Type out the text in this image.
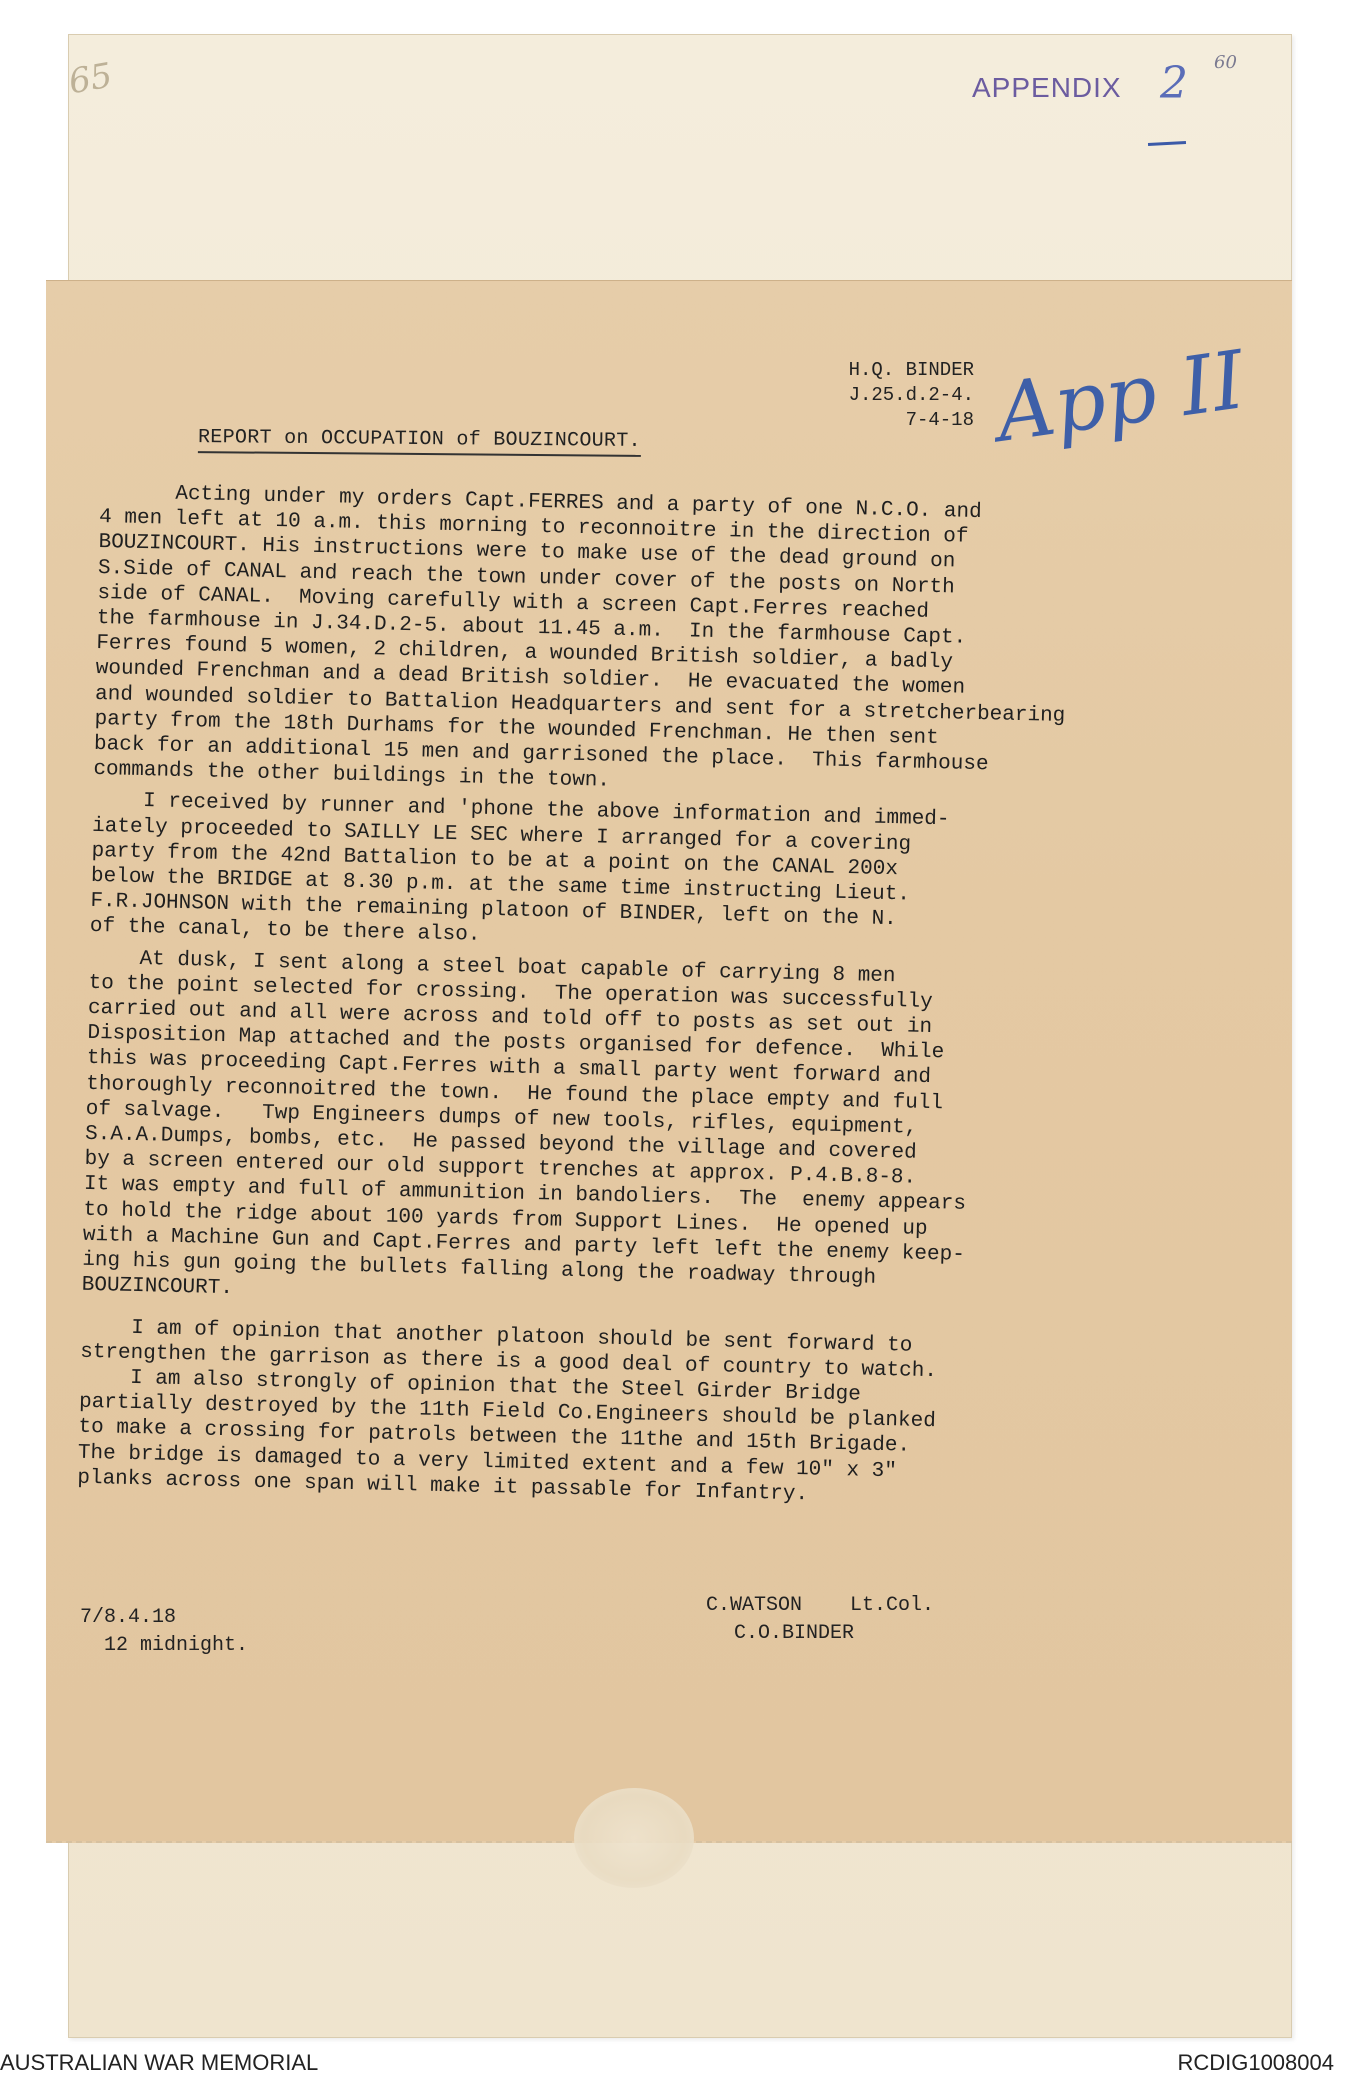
65	APPENDIX 2 60
H.Q. BINDER
J.25.d.2-4.
7-4-18 App II
REPORT on OCCUPATION of BOUZINCOURT.

Acting under my orders Capt.FERRES and a party of one N.C.O. and
4 men left at 10 a.m. this morning to reconnoitre in the direction of
BOUZINCOURT. His instructions were to make use of the dead ground on
S.Side of CANAL and reach the town under cover of the posts on North
side of CANAL.  Moving carefully with a screen Capt.Ferres reached
the farmhouse in J.34.D.2-5. about 11.45 a.m.  In the farmhouse Capt.
Ferres found 5 women, 2 children, a wounded British soldier, a badly
wounded Frenchman and a dead British soldier.  He evacuated the women
and wounded soldier to Battalion Headquarters and sent for a stretcherbearing
party from the 18th Durhams for the wounded Frenchman. He then sent
back for an additional 15 men and garrisoned the place.  This farmhouse
commands the other buildings in the town.

I received by runner and 'phone the above information and immed-
iately proceeded to SAILLY LE SEC where I arranged for a covering
party from the 42nd Battalion to be at a point on the CANAL 200x
below the BRIDGE at 8.30 p.m. at the same time instructing Lieut.
F.R.JOHNSON with the remaining platoon of BINDER, left on the N.
of the canal, to be there also.

At dusk, I sent along a steel boat capable of carrying 8 men
to the point selected for crossing.  The operation was successfully
carried out and all were across and told off to posts as set out in
Disposition Map attached and the posts organised for defence.  While
this was proceeding Capt.Ferres with a small party went forward and
thoroughly reconnoitred the town.  He found the place empty and full
of salvage.   Twp Engineers dumps of new tools, rifles, equipment,
S.A.A.Dumps, bombs, etc.  He passed beyond the village and covered
by a screen entered our old support trenches at approx. P.4.B.8-8.
It was empty and full of ammunition in bandoliers.  The  enemy appears
to hold the ridge about 100 yards from Support Lines.  He opened up
with a Machine Gun and Capt.Ferres and party left left the enemy keep-
ing his gun going the bullets falling along the roadway through
BOUZINCOURT.

I am of opinion that another platoon should be sent forward to
strengthen the garrison as there is a good deal of country to watch.
I am also strongly of opinion that the Steel Girder Bridge
partially destroyed by the 11th Field Co.Engineers should be planked
to make a crossing for patrols between the 11the and 15th Brigade.
The bridge is damaged to a very limited extent and a few 10" x 3"
planks across one span will make it passable for Infantry.

7/8.4.18
12 midnight.
C.WATSON    Lt.Col.
C.O.BINDER
AUSTRALIAN WAR MEMORIAL	RCDIG1008004
